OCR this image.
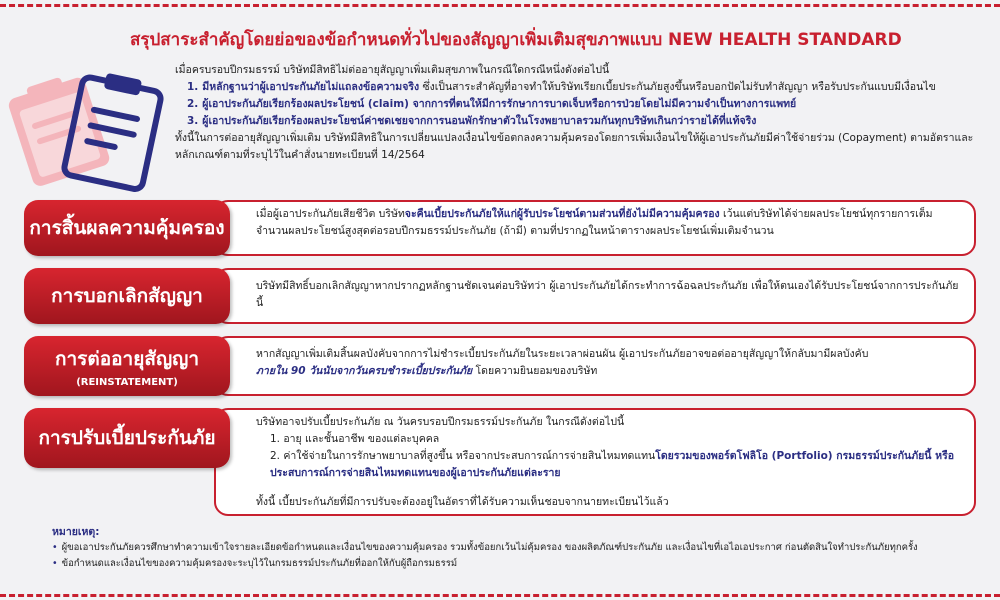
สรุปสาระสำคัญโดยย่อของข้อกำหนดทั่วไปของสัญญาเพิ่มเติมสุขภาพแบบ NEW HEALTH STANDARD

เมื่อครบรอบปีกรมธรรม์ บริษัทมีสิทธิไม่ต่ออายุสัญญาเพิ่มเติมสุขภาพในกรณีใดกรณีหนึ่งดังต่อไปนี้

1. มีหลักฐานว่าผู้เอาประกันภัยไม่แถลงข้อความจริง ซึ่งเป็นสาระสำคัญที่อาจทำให้บริษัทเรียกเบี้ยประกันภัยสูงขึ้นหรือบอกปัดไม่รับทำสัญญา หรือรับประกันแบบมีเงื่อนไข
2. ผู้เอาประกันภัยเรียกร้องผลประโยชน์ (claim) จากการที่ตนให้มีการรักษาการบาดเจ็บหรือการป่วยโดยไม่มีความจำเป็นทางการแพทย์
3. ผู้เอาประกันภัยเรียกร้องผลประโยชน์ค่าชดเชยจากการนอนพักรักษาตัวในโรงพยาบาลรวมกันทุกบริษัทเกินกว่ารายได้ที่แท้จริง

ทั้งนี้ในการต่ออายุสัญญาเพิ่มเติม บริษัทมีสิทธิในการเปลี่ยนแปลงเงื่อนไขข้อตกลงความคุ้มครองโดยการเพิ่มเงื่อนไขให้ผู้เอาประกันภัยมีค่าใช้จ่ายร่วม (Copayment) ตามอัตราและหลักเกณฑ์ตามที่ระบุไว้ในคำสั่งนายทะเบียนที่ 14/2564

การสิ้นผลความคุ้มครอง

เมื่อผู้เอาประกันภัยเสียชีวิต บริษัทจะคืนเบี้ยประกันภัยให้แก่ผู้รับประโยชน์ตามส่วนที่ยังไม่มีความคุ้มครอง เว้นแต่บริษัทได้จ่ายผลประโยชน์ทุกรายการเต็มจำนวนผลประโยชน์สูงสุดต่อรอบปีกรมธรรม์ประกันภัย (ถ้ามี) ตามที่ปรากฏในหน้าตารางผลประโยชน์เพิ่มเติมจำนวน

การบอกเลิกสัญญา	บริษัทมีสิทธิ์บอกเลิกสัญญาหากปรากฏหลักฐานชัดเจนต่อบริษัทว่า ผู้เอาประกันภัยได้กระทำการฉ้อฉลประกันภัย เพื่อให้ตนเองได้รับประโยชน์จากการประกันภัยนี้

การต่ออายุสัญญา
(REINSTATEMENT)

หากสัญญาเพิ่มเติมสิ้นผลบังคับจากการไม่ชำระเบี้ยประกันภัยในระยะเวลาผ่อนผัน ผู้เอาประกันภัยอาจขอต่ออายุสัญญาให้กลับมามีผลบังคับ

ภายใน 90 วันนับจากวันครบชำระเบี้ยประกันภัย โดยความยินยอมของบริษัท

การปรับเบี้ยประกันภัย

บริษัทอาจปรับเบี้ยประกันภัย ณ วันครบรอบปีกรมธรรม์ประกันภัย ในกรณีดังต่อไปนี้

1. อายุ และชั้นอาชีพ ของแต่ละบุคคล
2. ค่าใช้จ่ายในการรักษาพยาบาลที่สูงขึ้น หรือจากประสบการณ์การจ่ายสินไหมทดแทนโดยรวมของพอร์ตโฟลิโอ (Portfolio) กรมธรรม์ประกันภัยนี้ หรือประสบการณ์การจ่ายสินไหมทดแทนของผู้เอาประกันภัยแต่ละราย
ทั้งนี้ เบี้ยประกันภัยที่มีการปรับจะต้องอยู่ในอัตราที่ได้รับความเห็นชอบจากนายทะเบียนไว้แล้ว
หมายเหตุ:
• ผู้ขอเอาประกันภัยควรศึกษาทำความเข้าใจรายละเอียดข้อกำหนดและเงื่อนไขของความคุ้มครอง รวมทั้งข้อยกเว้นไม่คุ้มครอง ของผลิตภัณฑ์ประกันภัย และเงื่อนไขที่เอไอเอประกาศ ก่อนตัดสินใจทำประกันภัยทุกครั้ง
• ข้อกำหนดและเงื่อนไขของความคุ้มครองจะระบุไว้ในกรมธรรม์ประกันภัยที่ออกให้กับผู้ถือกรมธรรม์
